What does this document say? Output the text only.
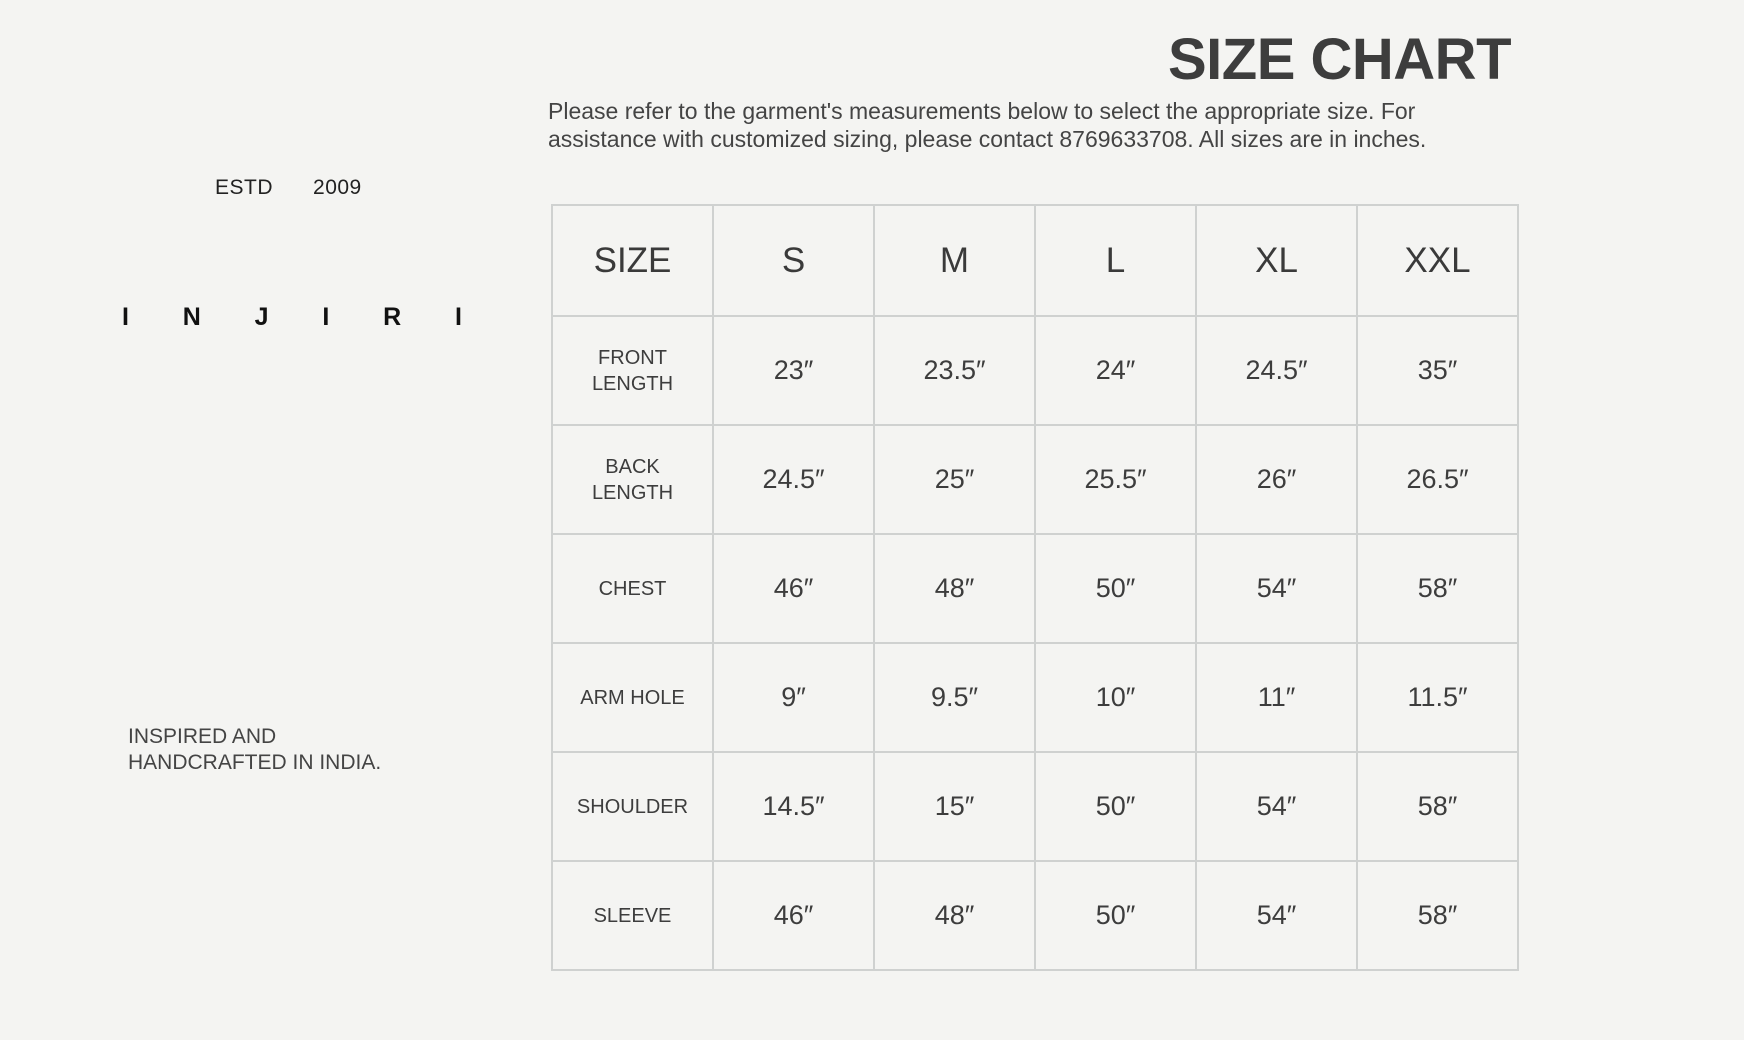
ESTD 2009
I N J I R I
INSPIRED AND
HANDCRAFTED IN INDIA.
SIZE CHART

Please refer to the garment's measurements below to select the appropriate size. For assistance with customized sizing, please contact 8769633708. All sizes are in inches.

SIZE	S	M	L	XL	XXL
FRONT LENGTH	23″	23.5″	24″	24.5″	35″
BACK LENGTH	24.5″	25″	25.5″	26″	26.5″
CHEST	46″	48″	50″	54″	58″
ARM HOLE	9″	9.5″	10″	11″	11.5″
SHOULDER	14.5″	15″	50″	54″	58″
SLEEVE	46″	48″	50″	54″	58″
